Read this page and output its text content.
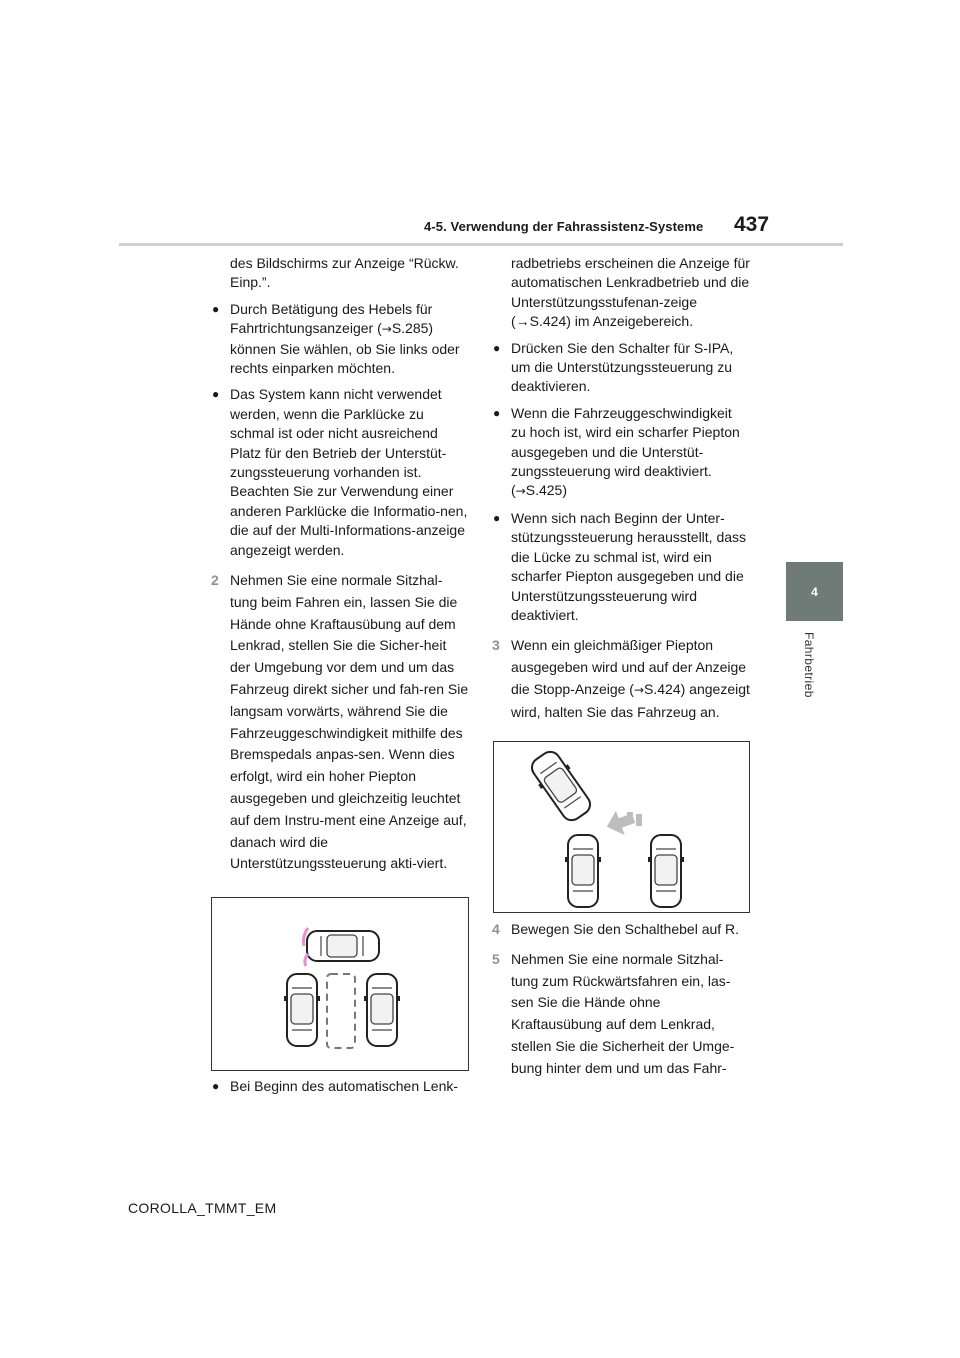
4-5. Verwendung der Fahrassistenz-Systeme 437
4
Fahrbetrieb

des Bildschirms zur Anzeige “Rückw. Einp.”.

● Durch Betätigung des Hebels für Fahrtrichtungsanzeiger (→S.285) können Sie wählen, ob Sie links oder rechts einparken möchten.

● Das System kann nicht verwendet werden, wenn die Parklücke zu schmal ist oder nicht ausreichend Platz für den Betrieb der Unterstüt-zungssteuerung vorhanden ist. Beachten Sie zur Verwendung einer anderen Parklücke die Informatio-nen, die auf der Multi-Informations-anzeige angezeigt werden.

2 Nehmen Sie eine normale Sitzhal-tung beim Fahren ein, lassen Sie die Hände ohne Kraftausübung auf dem Lenkrad, stellen Sie die Sicher-heit der Umgebung vor dem und um das Fahrzeug direkt sicher und fah-ren Sie langsam vorwärts, während Sie die Fahrzeuggeschwindigkeit mithilfe des Bremspedals anpas-sen. Wenn dies erfolgt, wird ein hoher Piepton ausgegeben und gleichzeitig leuchtet auf dem Instru-ment eine Anzeige auf, danach wird die Unterstützungssteuerung akti-viert.

● Bei Beginn des automatischen Lenk-

radbetriebs erscheinen die Anzeige für automatischen Lenkradbetrieb und die Unterstützungsstufenan-zeige (→S.424) im Anzeigebereich.

● Drücken Sie den Schalter für S-IPA, um die Unterstützungssteuerung zu deaktivieren.

● Wenn die Fahrzeuggeschwindigkeit zu hoch ist, wird ein scharfer Piepton ausgegeben und die Unterstüt-zungssteuerung wird deaktiviert. (→S.425)

● Wenn sich nach Beginn der Unter-stützungssteuerung herausstellt, dass die Lücke zu schmal ist, wird ein scharfer Piepton ausgegeben und die Unterstützungssteuerung wird deaktiviert.

3 Wenn ein gleichmäßiger Piepton ausgegeben wird und auf der Anzeige die Stopp-Anzeige (→S.424) angezeigt wird, halten Sie das Fahrzeug an.

4 Bewegen Sie den Schalthebel auf R.

5 Nehmen Sie eine normale Sitzhal-tung zum Rückwärtsfahren ein, las-sen Sie die Hände ohne Kraftausübung auf dem Lenkrad, stellen Sie die Sicherheit der Umge-bung hinter dem und um das Fahr-

COROLLA_TMMT_EM
